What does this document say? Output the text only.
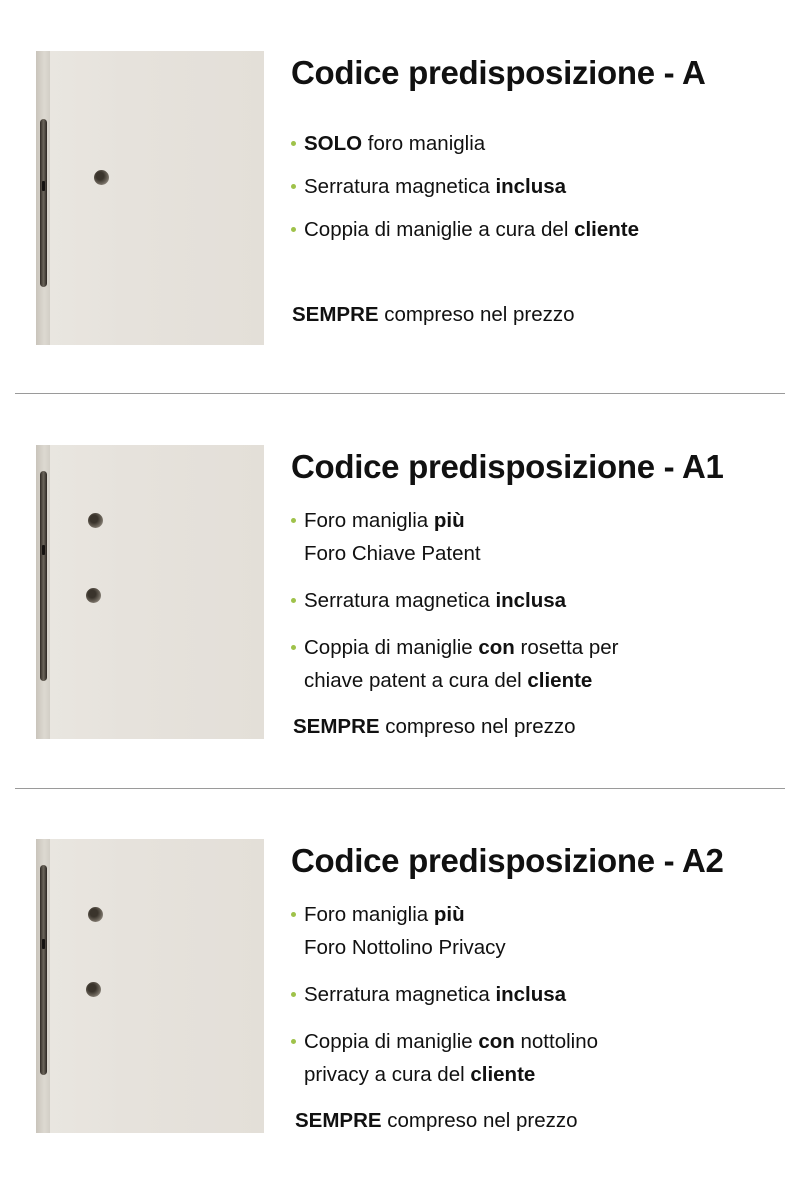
Codice predisposizione - A
SOLO foro maniglia
Serratura magnetica inclusa
Coppia di maniglie a cura del cliente
SEMPRE compreso nel prezzo
Codice predisposizione - A1
Foro maniglia più
Foro Chiave Patent
Serratura magnetica inclusa
Coppia di maniglie con rosetta per
chiave patent a cura del cliente
SEMPRE compreso nel prezzo
Codice predisposizione - A2
Foro maniglia più
Foro Nottolino Privacy
Serratura magnetica inclusa
Coppia di maniglie con nottolino
privacy a cura del cliente
SEMPRE compreso nel prezzo
